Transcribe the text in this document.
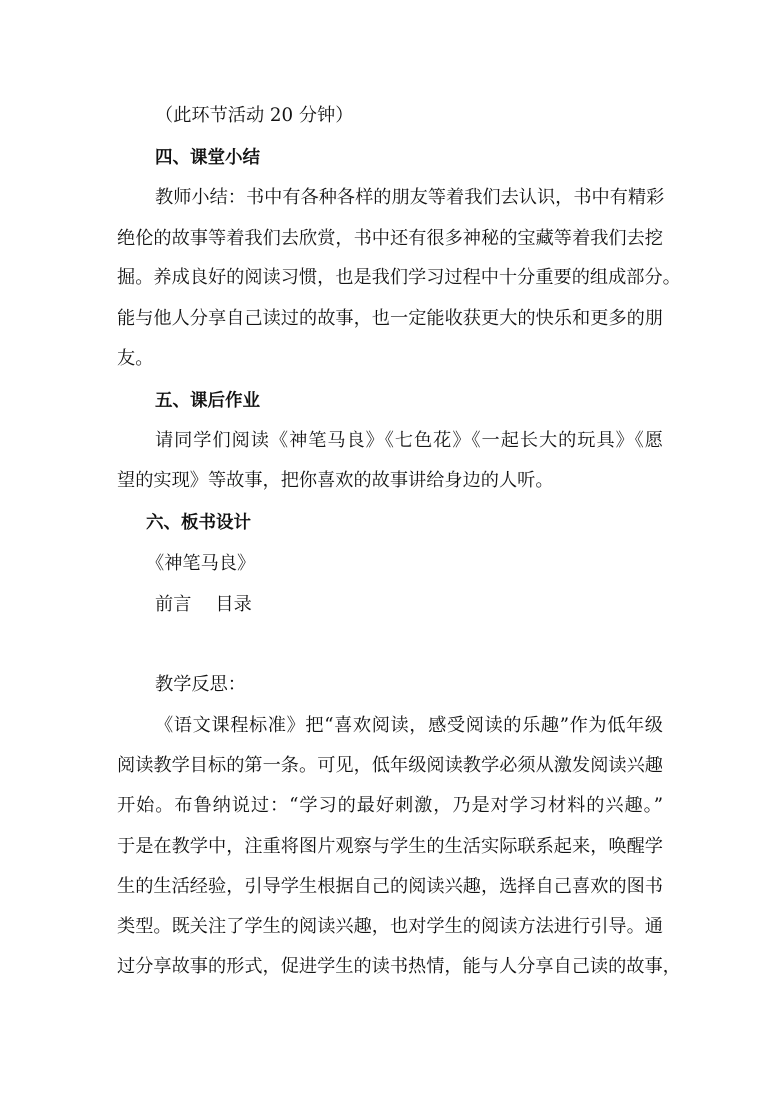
（此环节活动 20 分钟）
四、课堂小结
教师小结：书中有各种各样的朋友等着我们去认识，书中有精彩
绝伦的故事等着我们去欣赏，书中还有很多神秘的宝藏等着我们去挖
掘。养成良好的阅读习惯，也是我们学习过程中十分重要的组成部分。
能与他人分享自己读过的故事，也一定能收获更大的快乐和更多的朋
友。
五、课后作业
请同学们阅读《神笔马良》《七色花》《一起长大的玩具》《愿
望的实现》等故事，把你喜欢的故事讲给身边的人听。
六、板书设计
《神笔马良》
前言 目录
教学反思：
《语文课程标准》把“喜欢阅读，感受阅读的乐趣”作为低年级
阅读教学目标的第一条。可见，低年级阅读教学必须从激发阅读兴趣
开始。布鲁纳说过：“学习的最好刺激，乃是对学习材料的兴趣。”
于是在教学中，注重将图片观察与学生的生活实际联系起来，唤醒学
生的生活经验，引导学生根据自己的阅读兴趣，选择自己喜欢的图书
类型。既关注了学生的阅读兴趣，也对学生的阅读方法进行引导。通
过分享故事的形式，促进学生的读书热情，能与人分享自己读的故事，
